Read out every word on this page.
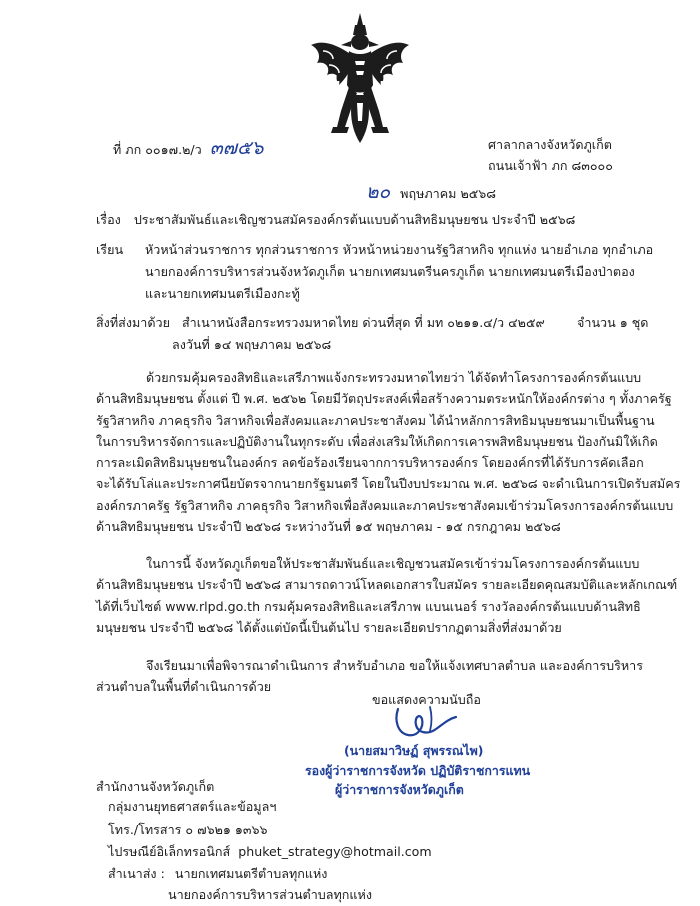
ที่ ภก ๐๐๑๗.๒/ว ๓๗๕๖	ศาลากลางจังหวัดภูเก็ต
ถนนเจ้าฟ้า ภก ๘๓๐๐๐
๒๐ พฤษภาคม ๒๕๖๘
เรื่อง ประชาสัมพันธ์และเชิญชวนสมัครองค์กรต้นแบบด้านสิทธิมนุษยชน ประจำปี ๒๕๖๘
เรียน หัวหน้าส่วนราชการ ทุกส่วนราชการ หัวหน้าหน่วยงานรัฐวิสาหกิจ ทุกแห่ง นายอำเภอ ทุกอำเภอ
นายกองค์การบริหารส่วนจังหวัดภูเก็ต นายกเทศมนตรีนครภูเก็ต นายกเทศมนตรีเมืองป่าตอง
และนายกเทศมนตรีเมืองกะทู้
สิ่งที่ส่งมาด้วย สำเนาหนังสือกระทรวงมหาดไทย ด่วนที่สุด ที่ มท ๐๒๑๑.๔/ว ๔๒๕๙	จำนวน ๑ ชุด
ลงวันที่ ๑๔ พฤษภาคม ๒๕๖๘
ด้วยกรมคุ้มครองสิทธิและเสรีภาพแจ้งกระทรวงมหาดไทยว่า ได้จัดทำโครงการองค์กรต้นแบบ
ด้านสิทธิมนุษยชน ตั้งแต่ ปี พ.ศ. ๒๕๖๒ โดยมีวัตถุประสงค์เพื่อสร้างความตระหนักให้องค์กรต่าง ๆ ทั้งภาครัฐ
รัฐวิสาหกิจ ภาคธุรกิจ วิสาหกิจเพื่อสังคมและภาคประชาสังคม ได้นำหลักการสิทธิมนุษยชนมาเป็นพื้นฐาน
ในการบริหารจัดการและปฏิบัติงานในทุกระดับ เพื่อส่งเสริมให้เกิดการเคารพสิทธิมนุษยชน ป้องกันมิให้เกิด
การละเมิดสิทธิมนุษยชนในองค์กร ลดข้อร้องเรียนจากการบริหารองค์กร โดยองค์กรที่ได้รับการคัดเลือก
จะได้รับโล่และประกาศนียบัตรจากนายกรัฐมนตรี โดยในปีงบประมาณ พ.ศ. ๒๕๖๘ จะดำเนินการเปิดรับสมัคร
องค์กรภาครัฐ รัฐวิสาหกิจ ภาคธุรกิจ วิสาหกิจเพื่อสังคมและภาคประชาสังคมเข้าร่วมโครงการองค์กรต้นแบบ
ด้านสิทธิมนุษยชน ประจำปี ๒๕๖๘ ระหว่างวันที่ ๑๕ พฤษภาคม - ๑๕ กรกฎาคม ๒๕๖๘
ในการนี้ จังหวัดภูเก็ตขอให้ประชาสัมพันธ์และเชิญชวนสมัครเข้าร่วมโครงการองค์กรต้นแบบ
ด้านสิทธิมนุษยชน ประจำปี ๒๕๖๘ สามารถดาวน์โหลดเอกสารใบสมัคร รายละเอียดคุณสมบัติและหลักเกณฑ์
ได้ที่เว็บไซต์ www.rlpd.go.th กรมคุ้มครองสิทธิและเสรีภาพ แบนเนอร์ รางวัลองค์กรต้นแบบด้านสิทธิ
มนุษยชน ประจำปี ๒๕๖๘ ได้ตั้งแต่บัดนี้เป็นต้นไป รายละเอียดปรากฏตามสิ่งที่ส่งมาด้วย
จึงเรียนมาเพื่อพิจารณาดำเนินการ สำหรับอำเภอ ขอให้แจ้งเทศบาลตำบล และองค์การบริหาร
ส่วนตำบลในพื้นที่ดำเนินการด้วย
ขอแสดงความนับถือ
(นายสมาวิษฏ์ สุพรรณไพ)
รองผู้ว่าราชการจังหวัด ปฏิบัติราชการแทน
ผู้ว่าราชการจังหวัดภูเก็ต
สำนักงานจังหวัดภูเก็ต
กลุ่มงานยุทธศาสตร์และข้อมูลฯ
โทร./โทรสาร ๐ ๗๖๒๑ ๑๓๖๖
ไปรษณีย์อิเล็กทรอนิกส์ phuket_strategy@hotmail.com
สำเนาส่ง : นายกเทศมนตรีตำบลทุกแห่ง
นายกองค์การบริหารส่วนตำบลทุกแห่ง
